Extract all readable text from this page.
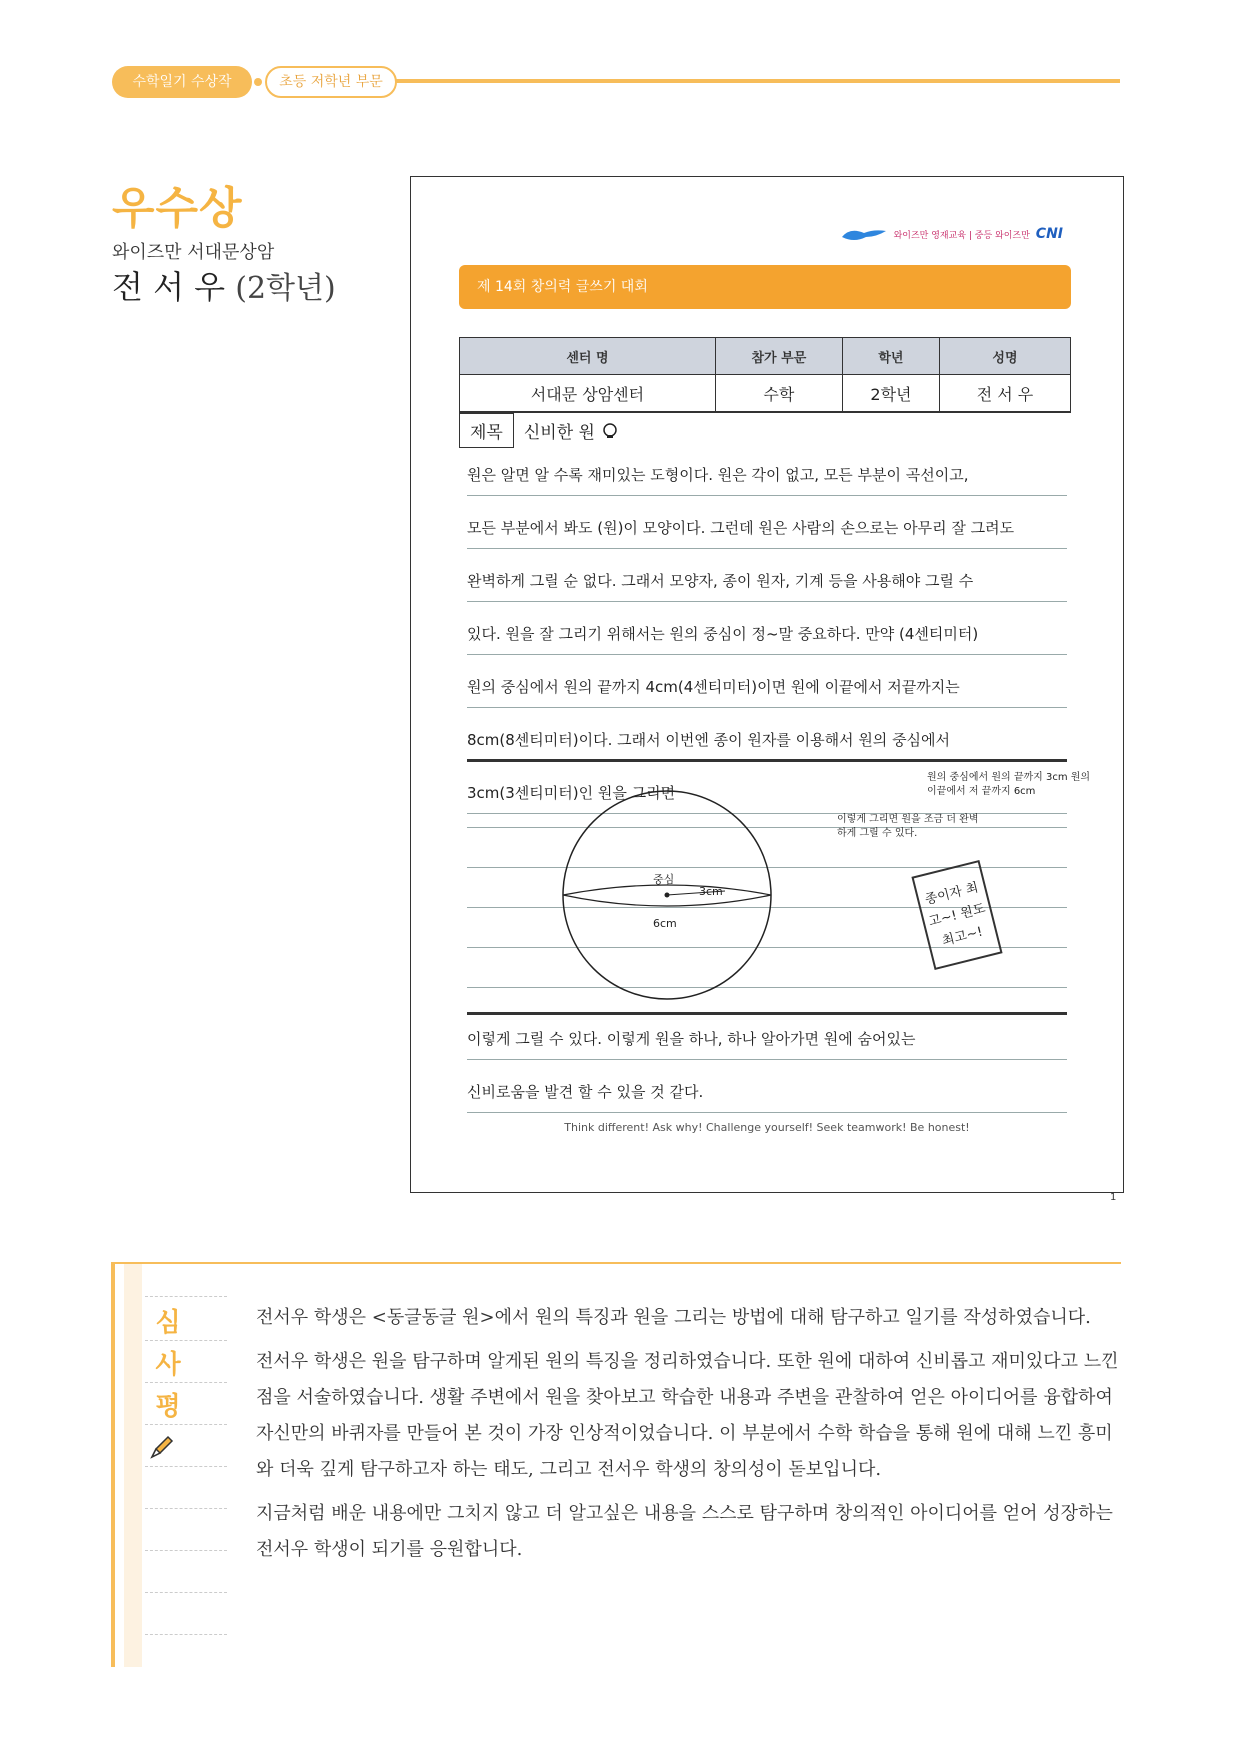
수학일기 수상작	초등 저학년 부문
우수상
와이즈만 서대문상암
전 서 우 (2학년)
와이즈만 영재교육 | 중등 와이즈만 CNI
제 14회 창의력 글쓰기 대회
센터 명	참가 부문	학년	성명
서대문 상암센터	수학	2학년	전 서 우
제목	신비한 원
원은 알면 알 수록 재미있는 도형이다. 원은 각이 없고, 모든 부분이 곡선이고,
모든 부분에서 봐도 (원)이 모양이다. 그런데 원은 사람의 손으로는 아무리 잘 그려도
완벽하게 그릴 순 없다. 그래서 모양자, 종이 원자, 기계 등을 사용해야 그릴 수
있다. 원을 잘 그리기 위해서는 원의 중심이 정~말 중요하다. 만약 (4센티미터)
원의 중심에서 원의 끝까지 4cm(4센티미터)이면 원에 이끝에서 저끝까지는
8cm(8센티미터)이다. 그래서 이번엔 종이 원자를 이용해서 원의 중심에서
3cm(3센티미터)인 원을 그리면
중심
3cm
6cm
원의 중심에서 원의 끝까지 3cm 원의 이끝에서 저 끝까지 6cm
이렇게 그리면 원을 조금 더 완벽하게 그릴 수 있다.
종이자 최고~! 원도 최고~!
이렇게 그릴 수 있다. 이렇게 원을 하나, 하나 알아가면 원에 숨어있는
신비로움을 발견 할 수 있을 것 같다.
Think different! Ask why! Challenge yourself! Seek teamwork! Be honest!
1
심
사
평

전서우 학생은 <동글동글 원>에서 원의 특징과 원을 그리는 방법에 대해 탐구하고 일기를 작성하였습니다.

전서우 학생은 원을 탐구하며 알게된 원의 특징을 정리하였습니다. 또한 원에 대하여 신비롭고 재미있다고 느낀 점을 서술하였습니다. 생활 주변에서 원을 찾아보고 학습한 내용과 주변을 관찰하여 얻은 아이디어를 융합하여 자신만의 바퀴자를 만들어 본 것이 가장 인상적이었습니다. 이 부분에서 수학 학습을 통해 원에 대해 느낀 흥미와 더욱 깊게 탐구하고자 하는 태도, 그리고 전서우 학생의 창의성이 돋보입니다.

지금처럼 배운 내용에만 그치지 않고 더 알고싶은 내용을 스스로 탐구하며 창의적인 아이디어를 얻어 성장하는 전서우 학생이 되기를 응원합니다.
